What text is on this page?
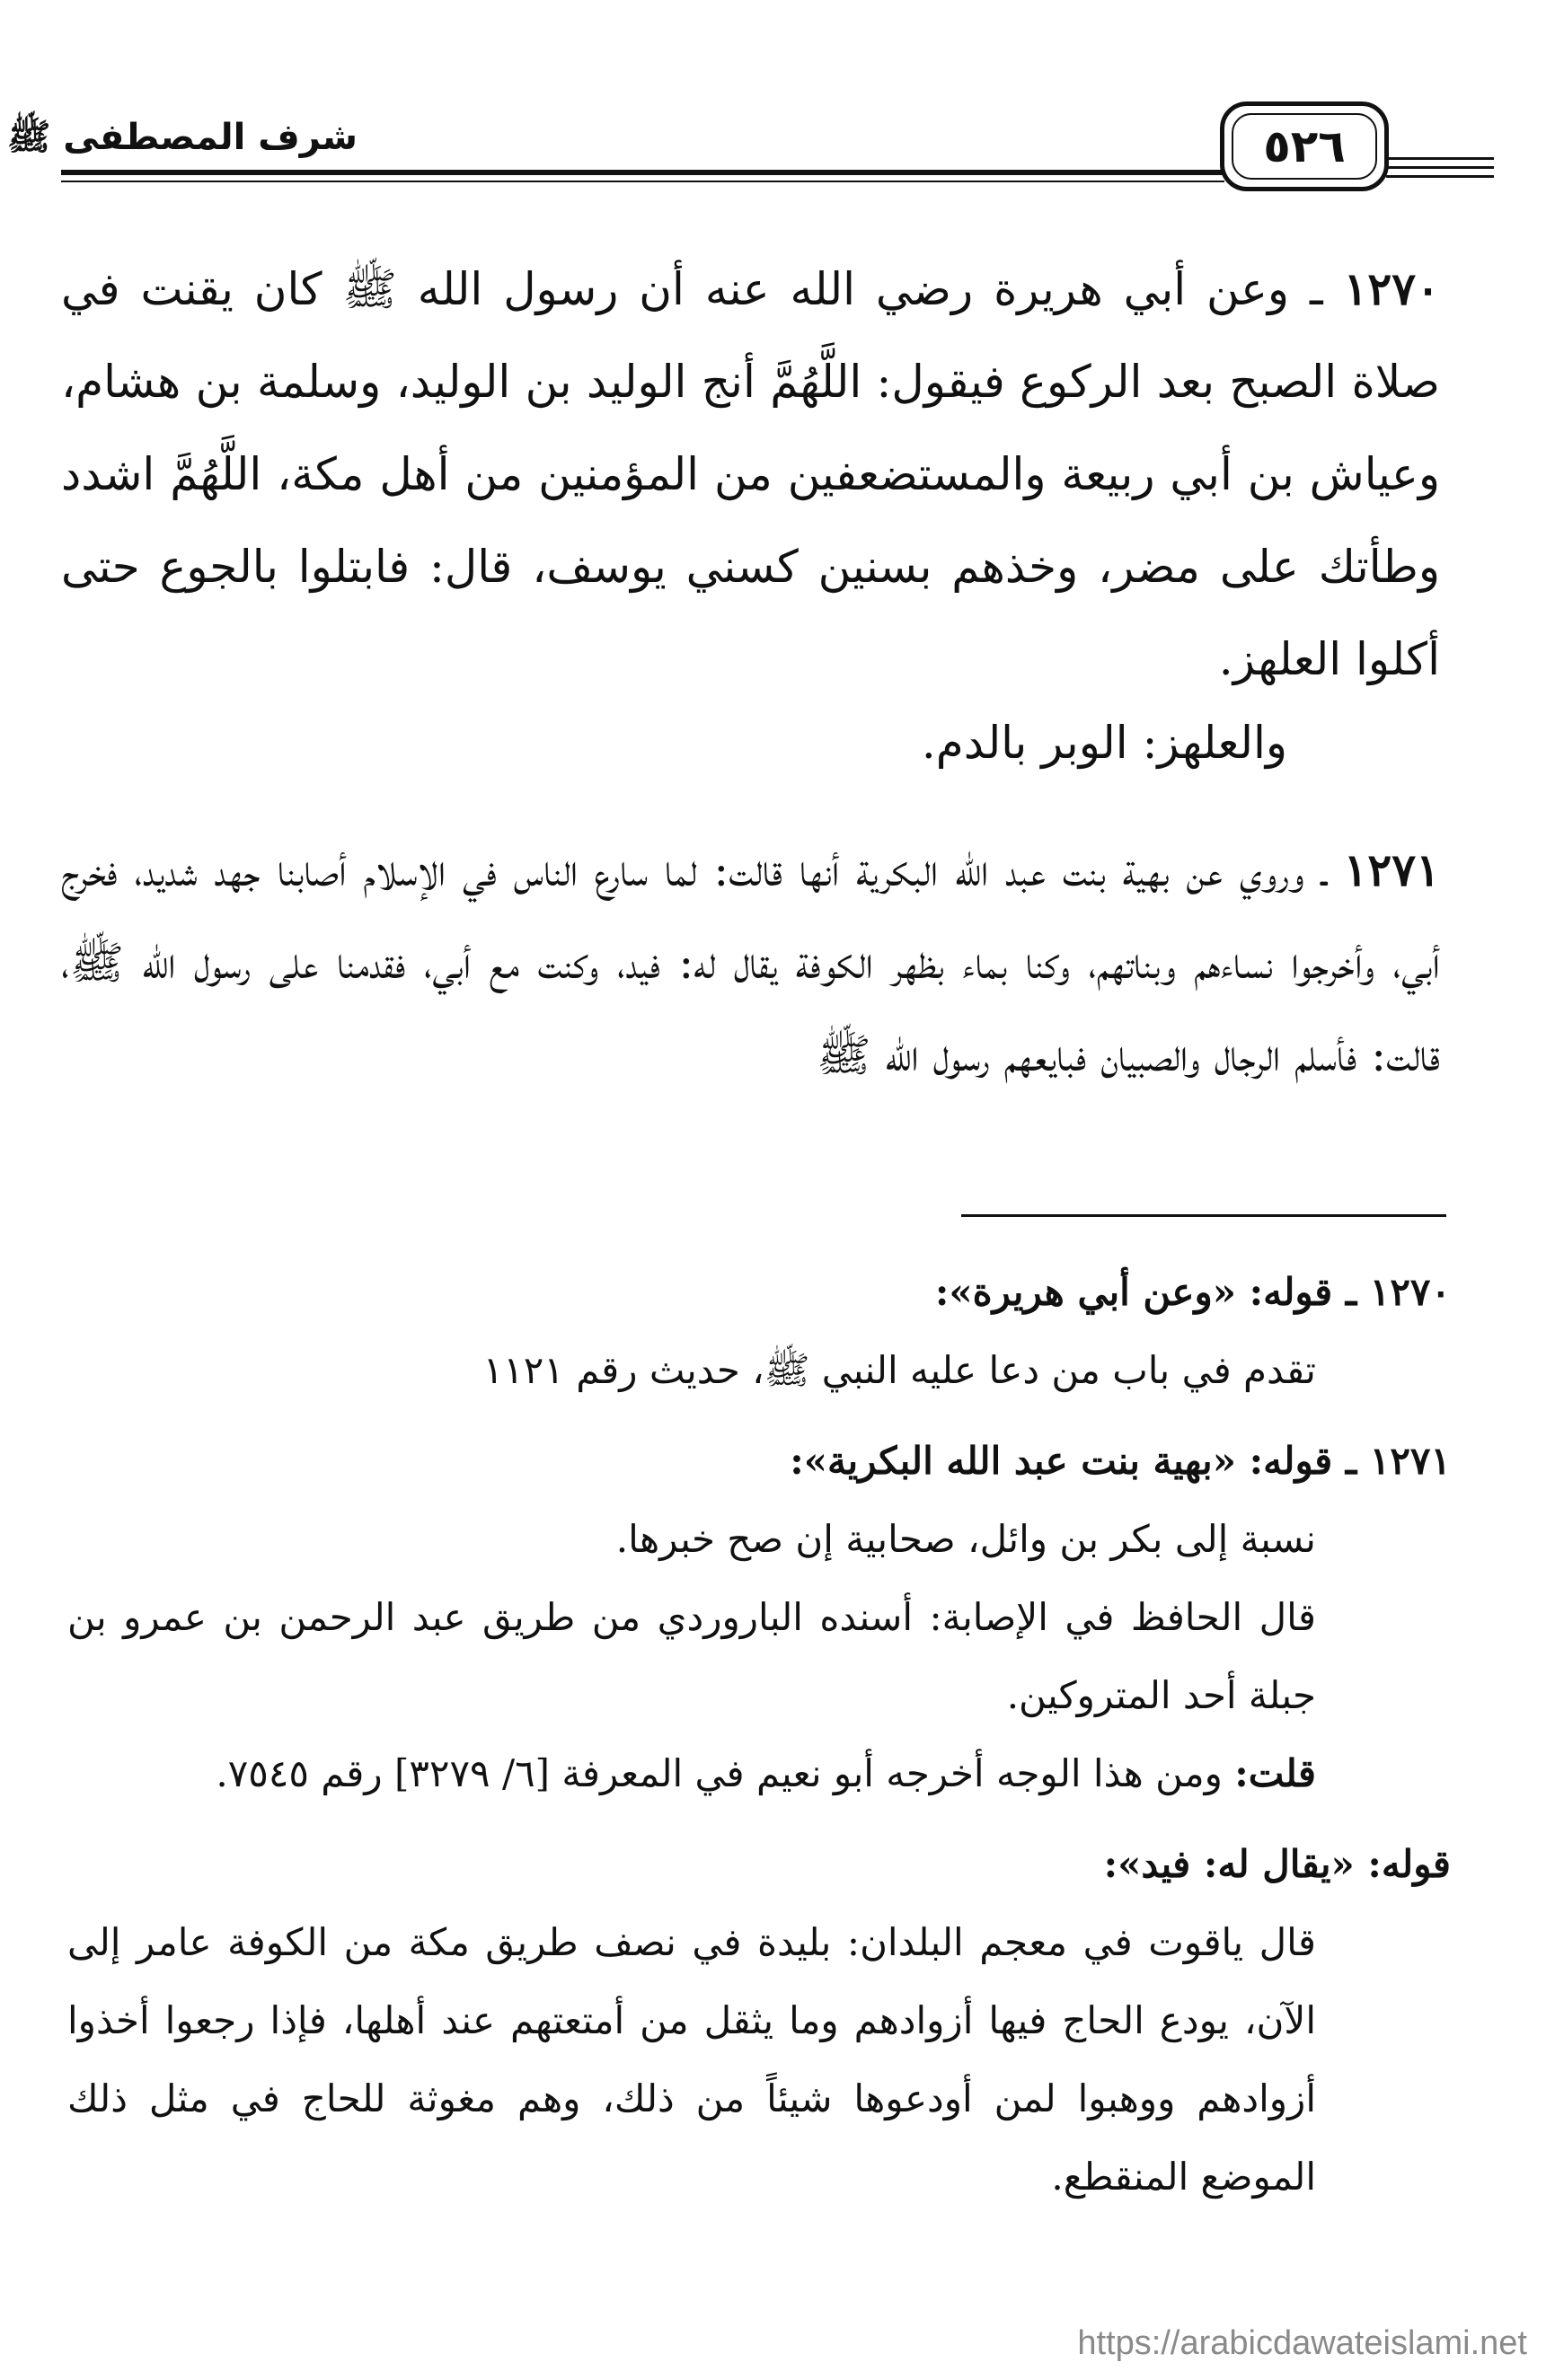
شرف المصطفى ﷺ	٥٢٦

١٢٧٠ ـ وعن أبي هريرة رضي الله عنه أن رسول الله ﷺ كان يقنت في صلاة الصبح بعد الركوع فيقول: اللَّهُمَّ أنج الوليد بن الوليد، وسلمة بن هشام، وعياش بن أبي ربيعة والمستضعفين من المؤمنين من أهل مكة، اللَّهُمَّ اشدد وطأتك على مضر، وخذهم بسنين كسني يوسف، قال: فابتلوا بالجوع حتى أكلوا العلهز.

والعلهز: الوبر بالدم.

١٢٧١ ـ وروي عن بهية بنت عبد الله البكرية أنها قالت: لما سارع الناس في الإسلام أصابنا جهد شديد، فخرج أبي، وأخرجوا نساءهم وبناتهم، وكنا بماء بظهر الكوفة يقال له: فيد، وكنت مع أبي، فقدمنا على رسول الله ﷺ، قالت: فأسلم الرجال والصبيان فبايعهم رسول الله ﷺ

١٢٧٠ ـ قوله: «وعن أبي هريرة»:

تقدم في باب من دعا عليه النبي ﷺ، حديث رقم ١١٢١

١٢٧١ ـ قوله: «بهية بنت عبد الله البكرية»:

نسبة إلى بكر بن وائل، صحابية إن صح خبرها.

قال الحافظ في الإصابة: أسنده الباروردي من طريق عبد الرحمن بن عمرو بن جبلة أحد المتروكين.

قلت: ومن هذا الوجه أخرجه أبو نعيم في المعرفة [٦/ ٣٢٧٩] رقم ٧٥٤٥.

قوله: «يقال له: فيد»:

قال ياقوت في معجم البلدان: بليدة في نصف طريق مكة من الكوفة عامر إلى الآن، يودع الحاج فيها أزوادهم وما يثقل من أمتعتهم عند أهلها، فإذا رجعوا أخذوا أزوادهم ووهبوا لمن أودعوها شيئاً من ذلك، وهم مغوثة للحاج في مثل ذلك الموضع المنقطع.

https://arabicdawateislami.net
